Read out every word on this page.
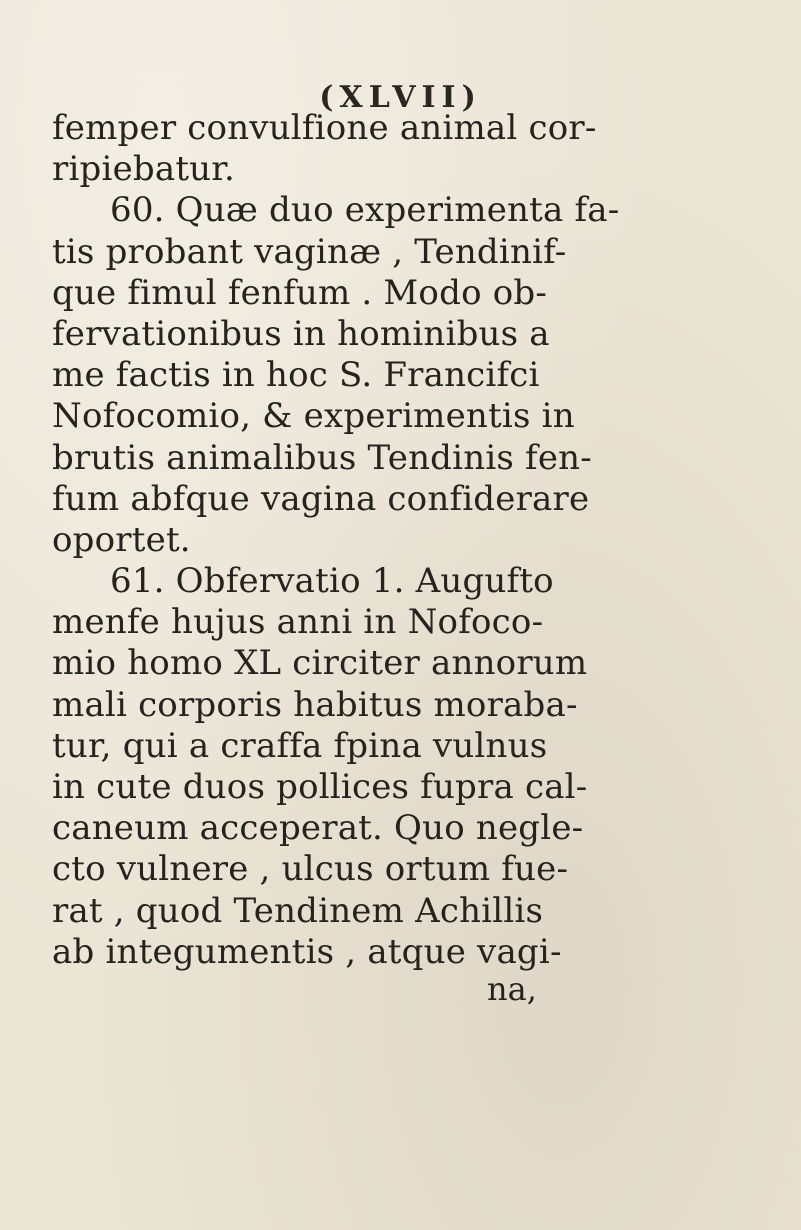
(XLVII)
femper convulfione animal cor-
ripiebatur.
60. Quæ duo experimenta fa-
tis probant vaginæ , Tendinif-
que fimul fenfum . Modo ob-
fervationibus in hominibus a
me factis in hoc S. Francifci
Nofocomio, & experimentis in
brutis animalibus Tendinis fen-
fum abfque vagina confiderare
oportet.
61. Obfervatio 1. Augufto
menfe hujus anni in Nofoco-
mio homo XL circiter annorum
mali corporis habitus moraba-
tur, qui a craffa fpina vulnus
in cute duos pollices fupra cal-
caneum acceperat. Quo negle-
cto vulnere , ulcus ortum fue-
rat , quod Tendinem Achillis
ab integumentis , atque vagi-
na,
